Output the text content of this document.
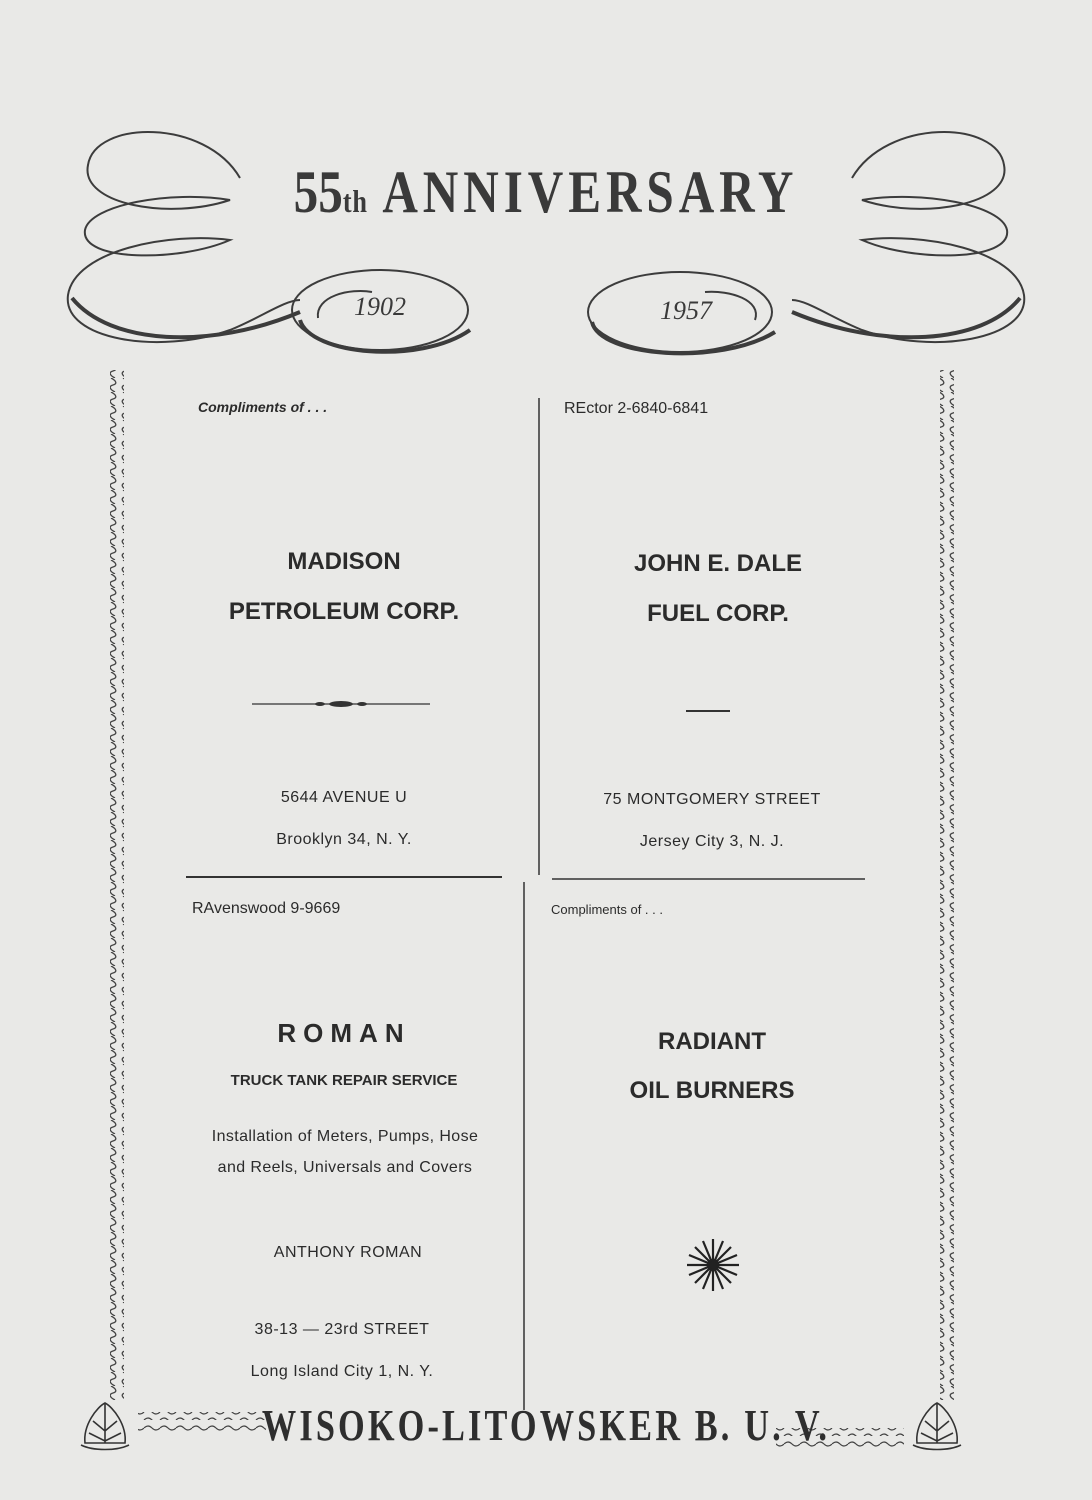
55th ANNIVERSARY
1902	1957
Compliments of . . .
MADISON
PETROLEUM CORP.
5644 AVENUE U
Brooklyn 34, N. Y.
REctor 2-6840-6841
JOHN E. DALE
FUEL CORP.
75 MONTGOMERY STREET
Jersey City 3, N. J.
RAvenswood 9-9669
ROMAN
TRUCK TANK REPAIR SERVICE
Installation of Meters, Pumps, Hose
and Reels, Universals and Covers
ANTHONY ROMAN
38-13 — 23rd STREET
Long Island City 1, N. Y.
Compliments of . . .
RADIANT
OIL BURNERS
WISOKO-LITOWSKER B. U. V.
